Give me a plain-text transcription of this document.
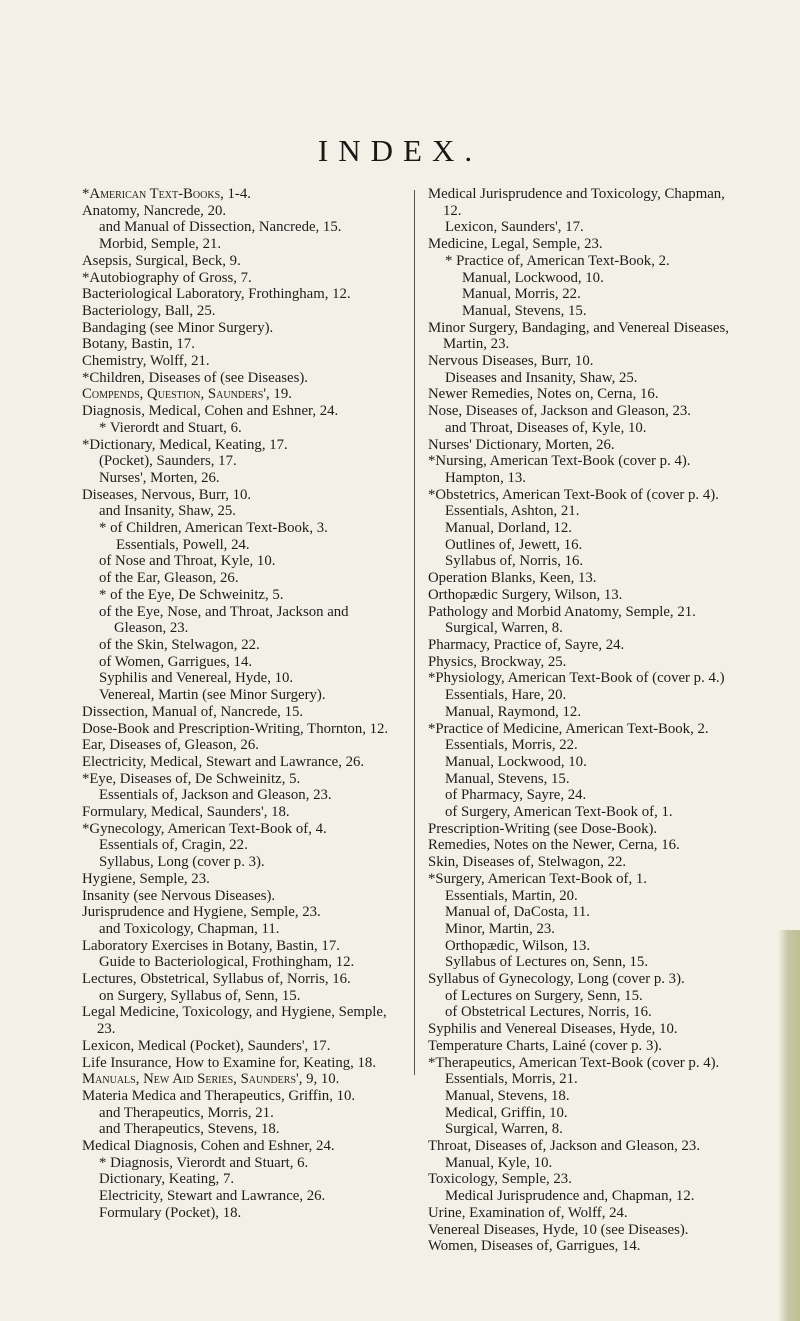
INDEX.
*American Text-Books, 1-4.
Anatomy, Nancrede, 20.
and Manual of Dissection, Nancrede, 15.
Morbid, Semple, 21.
Asepsis, Surgical, Beck, 9.
*Autobiography of Gross, 7.
Bacteriological Laboratory, Frothingham, 12.
Bacteriology, Ball, 25.
Bandaging (see Minor Surgery).
Botany, Bastin, 17.
Chemistry, Wolff, 21.
*Children, Diseases of (see Diseases).
Compends, Question, Saunders', 19.
Diagnosis, Medical, Cohen and Eshner, 24.
* Vierordt and Stuart, 6.
*Dictionary, Medical, Keating, 17.
(Pocket), Saunders, 17.
Nurses', Morten, 26.
Diseases, Nervous, Burr, 10.
and Insanity, Shaw, 25.
* of Children, American Text-Book, 3.
Essentials, Powell, 24.
of Nose and Throat, Kyle, 10.
of the Ear, Gleason, 26.
* of the Eye, De Schweinitz, 5.
of the Eye, Nose, and Throat, Jackson and Gleason, 23.
of the Skin, Stelwagon, 22.
of Women, Garrigues, 14.
Syphilis and Venereal, Hyde, 10.
Venereal, Martin (see Minor Surgery).
Dissection, Manual of, Nancrede, 15.
Dose-Book and Prescription-Writing, Thornton, 12.
Ear, Diseases of, Gleason, 26.
Electricity, Medical, Stewart and Lawrance, 26.
*Eye, Diseases of, De Schweinitz, 5.
Essentials of, Jackson and Gleason, 23.
Formulary, Medical, Saunders', 18.
*Gynecology, American Text-Book of, 4.
Essentials of, Cragin, 22.
Syllabus, Long (cover p. 3).
Hygiene, Semple, 23.
Insanity (see Nervous Diseases).
Jurisprudence and Hygiene, Semple, 23.
and Toxicology, Chapman, 11.
Laboratory Exercises in Botany, Bastin, 17.
Guide to Bacteriological, Frothingham, 12.
Lectures, Obstetrical, Syllabus of, Norris, 16.
on Surgery, Syllabus of, Senn, 15.
Legal Medicine, Toxicology, and Hygiene, Semple, 23.
Lexicon, Medical (Pocket), Saunders', 17.
Life Insurance, How to Examine for, Keating, 18.
Manuals, New Aid Series, Saunders', 9, 10.
Materia Medica and Therapeutics, Griffin, 10.
and Therapeutics, Morris, 21.
and Therapeutics, Stevens, 18.
Medical Diagnosis, Cohen and Eshner, 24.
* Diagnosis, Vierordt and Stuart, 6.
Dictionary, Keating, 7.
Electricity, Stewart and Lawrance, 26.
Formulary (Pocket), 18.
Medical Jurisprudence and Toxicology, Chapman, 12.
Lexicon, Saunders', 17.
Medicine, Legal, Semple, 23.
* Practice of, American Text-Book, 2.
Manual, Lockwood, 10.
Manual, Morris, 22.
Manual, Stevens, 15.
Minor Surgery, Bandaging, and Venereal Diseases, Martin, 23.
Nervous Diseases, Burr, 10.
Diseases and Insanity, Shaw, 25.
Newer Remedies, Notes on, Cerna, 16.
Nose, Diseases of, Jackson and Gleason, 23.
and Throat, Diseases of, Kyle, 10.
Nurses' Dictionary, Morten, 26.
*Nursing, American Text-Book (cover p. 4).
Hampton, 13.
*Obstetrics, American Text-Book of (cover p. 4).
Essentials, Ashton, 21.
Manual, Dorland, 12.
Outlines of, Jewett, 16.
Syllabus of, Norris, 16.
Operation Blanks, Keen, 13.
Orthopædic Surgery, Wilson, 13.
Pathology and Morbid Anatomy, Semple, 21.
Surgical, Warren, 8.
Pharmacy, Practice of, Sayre, 24.
Physics, Brockway, 25.
*Physiology, American Text-Book of (cover p. 4.)
Essentials, Hare, 20.
Manual, Raymond, 12.
*Practice of Medicine, American Text-Book, 2.
Essentials, Morris, 22.
Manual, Lockwood, 10.
Manual, Stevens, 15.
of Pharmacy, Sayre, 24.
of Surgery, American Text-Book of, 1.
Prescription-Writing (see Dose-Book).
Remedies, Notes on the Newer, Cerna, 16.
Skin, Diseases of, Stelwagon, 22.
*Surgery, American Text-Book of, 1.
Essentials, Martin, 20.
Manual of, DaCosta, 11.
Minor, Martin, 23.
Orthopædic, Wilson, 13.
Syllabus of Lectures on, Senn, 15.
Syllabus of Gynecology, Long (cover p. 3).
of Lectures on Surgery, Senn, 15.
of Obstetrical Lectures, Norris, 16.
Syphilis and Venereal Diseases, Hyde, 10.
Temperature Charts, Lainé (cover p. 3).
*Therapeutics, American Text-Book (cover p. 4).
Essentials, Morris, 21.
Manual, Stevens, 18.
Medical, Griffin, 10.
Surgical, Warren, 8.
Throat, Diseases of, Jackson and Gleason, 23.
Manual, Kyle, 10.
Toxicology, Semple, 23.
Medical Jurisprudence and, Chapman, 12.
Urine, Examination of, Wolff, 24.
Venereal Diseases, Hyde, 10 (see Diseases).
Women, Diseases of, Garrigues, 14.
